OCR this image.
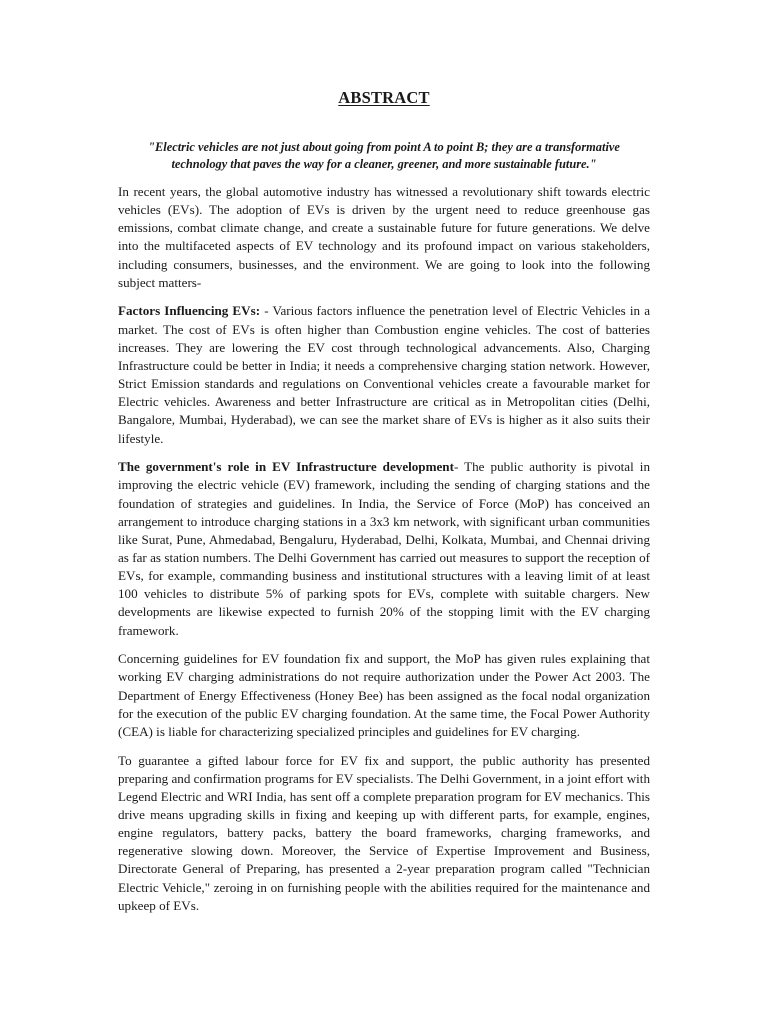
ABSTRACT
"Electric vehicles are not just about going from point A to point B; they are a transformative technology that paves the way for a cleaner, greener, and more sustainable future."

In recent years, the global automotive industry has witnessed a revolutionary shift towards electric vehicles (EVs). The adoption of EVs is driven by the urgent need to reduce greenhouse gas emissions, combat climate change, and create a sustainable future for future generations. We delve into the multifaceted aspects of EV technology and its profound impact on various stakeholders, including consumers, businesses, and the environment. We are going to look into the following subject matters-

Factors Influencing EVs: - Various factors influence the penetration level of Electric Vehicles in a market. The cost of EVs is often higher than Combustion engine vehicles. The cost of batteries increases. They are lowering the EV cost through technological advancements. Also, Charging Infrastructure could be better in India; it needs a comprehensive charging station network. However, Strict Emission standards and regulations on Conventional vehicles create a favourable market for Electric vehicles. Awareness and better Infrastructure are critical as in Metropolitan cities (Delhi, Bangalore, Mumbai, Hyderabad), we can see the market share of EVs is higher as it also suits their lifestyle.

The government's role in EV Infrastructure development- The public authority is pivotal in improving the electric vehicle (EV) framework, including the sending of charging stations and the foundation of strategies and guidelines. In India, the Service of Force (MoP) has conceived an arrangement to introduce charging stations in a 3x3 km network, with significant urban communities like Surat, Pune, Ahmedabad, Bengaluru, Hyderabad, Delhi, Kolkata, Mumbai, and Chennai driving as far as station numbers. The Delhi Government has carried out measures to support the reception of EVs, for example, commanding business and institutional structures with a leaving limit of at least 100 vehicles to distribute 5% of parking spots for EVs, complete with suitable chargers. New developments are likewise expected to furnish 20% of the stopping limit with the EV charging framework.

Concerning guidelines for EV foundation fix and support, the MoP has given rules explaining that working EV charging administrations do not require authorization under the Power Act 2003. The Department of Energy Effectiveness (Honey Bee) has been assigned as the focal nodal organization for the execution of the public EV charging foundation. At the same time, the Focal Power Authority (CEA) is liable for characterizing specialized principles and guidelines for EV charging.

To guarantee a gifted labour force for EV fix and support, the public authority has presented preparing and confirmation programs for EV specialists. The Delhi Government, in a joint effort with Legend Electric and WRI India, has sent off a complete preparation program for EV mechanics. This drive means upgrading skills in fixing and keeping up with different parts, for example, engines, engine regulators, battery packs, battery the board frameworks, charging frameworks, and regenerative slowing down. Moreover, the Service of Expertise Improvement and Business, Directorate General of Preparing, has presented a 2-year preparation program called "Technician Electric Vehicle," zeroing in on furnishing people with the abilities required for the maintenance and upkeep of EVs.
